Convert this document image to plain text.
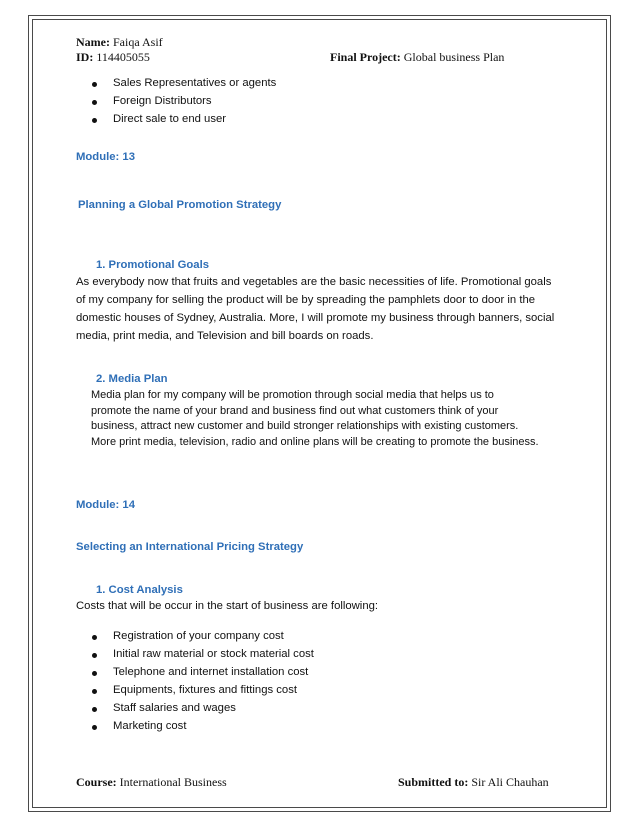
Name: Faiqa Asif
ID: 114405055	Final Project: Global business Plan
Sales Representatives or agents
Foreign Distributors
Direct sale to end user
Module: 13
Planning a Global Promotion Strategy
1. Promotional Goals
As everybody now that fruits and vegetables are the basic necessities of life. Promotional goals
of my company for selling the product will be by spreading the pamphlets door to door in the
domestic houses of Sydney, Australia. More, I will promote my business through banners, social
media, print media, and Television and bill boards on roads.
2. Media Plan
Media plan for my company will be promotion through social media that helps us to
promote the name of your brand and business find out what customers think of your
business, attract new customer and build stronger relationships with existing customers.
More print media, television, radio and online plans will be creating to promote the business.
Module: 14
Selecting an International Pricing Strategy
1. Cost Analysis
Costs that will be occur in the start of business are following:
Registration of your company cost
Initial raw material or stock material cost
Telephone and internet installation cost
Equipments, fixtures and fittings cost
Staff salaries and wages
Marketing cost
Course: International Business	Submitted to: Sir Ali Chauhan
